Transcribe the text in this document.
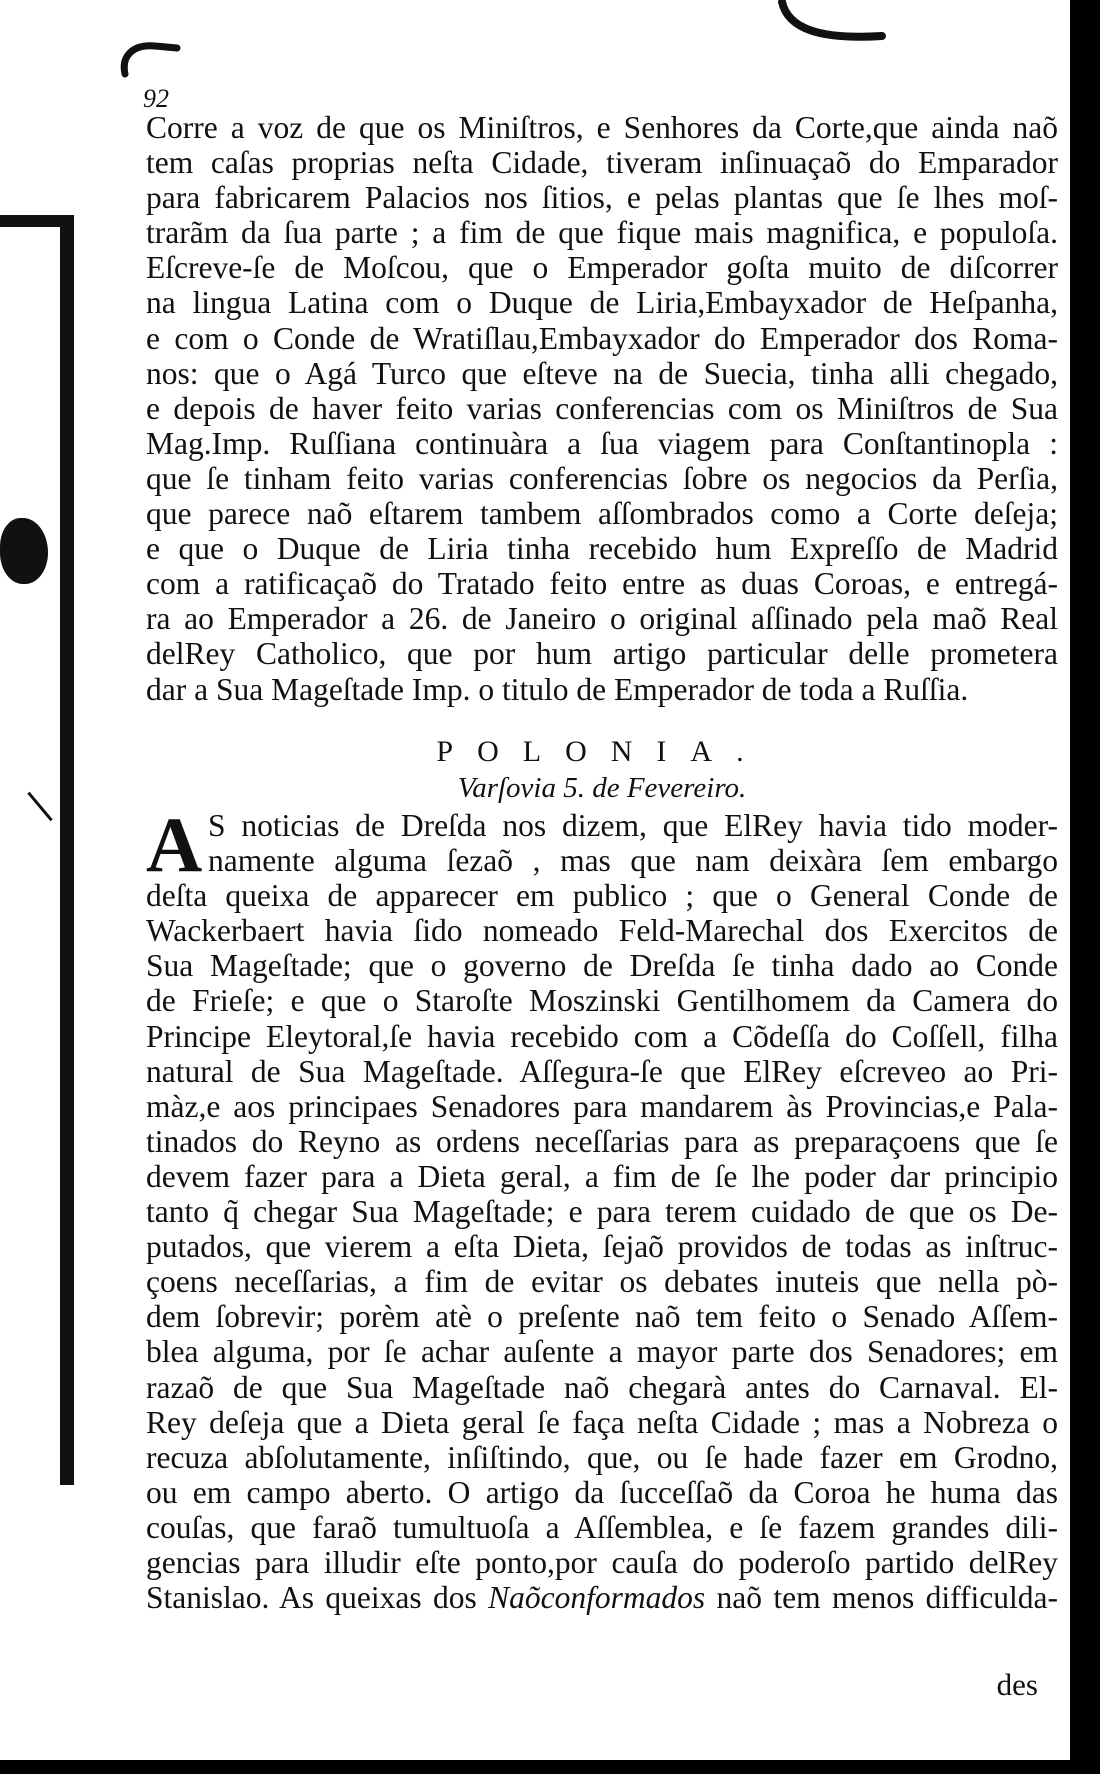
92
Corre a voz de que os Miniſtros, e Senhores da Corte,que ainda naõ
tem caſas proprias neſta Cidade, tiveram inſinuaçaõ do Emparador
para fabricarem Palacios nos ſitios, e pelas plantas que ſe lhes moſ-
trarãm da ſua parte ; a fim de que fique mais magnifica, e populoſa.
Eſcreve-ſe de Moſcou, que o Emperador goſta muito de diſcorrer
na lingua Latina com o Duque de Liria,Embayxador de Heſpanha,
e com o Conde de Wratiſlau,Embayxador do Emperador dos Roma-
nos: que o Agá Turco que eſteve na de Suecia, tinha alli chegado,
e depois de haver feito varias conferencias com os Miniſtros de Sua
Mag.Imp. Ruſſiana continuàra a ſua viagem para Conſtantinopla :
que ſe tinham feito varias conferencias ſobre os negocios da Perſia,
que parece naõ eſtarem tambem aſſombrados como a Corte deſeja;
e que o Duque de Liria tinha recebido hum Expreſſo de Madrid
com a ratificaçaõ do Tratado feito entre as duas Coroas, e entregá-
ra ao Emperador a 26. de Janeiro o original aſſinado pela maõ Real
delRey Catholico, que por hum artigo particular delle prometera
dar a Sua Mageſtade Imp. o titulo de Emperador de toda a Ruſſia.
POLONIA.
Varſovia 5. de Fevereiro.
A S noticias de Dreſda nos dizem, que ElRey havia tido moder-
namente alguma ſezaõ , mas que nam deixàra ſem embargo
deſta queixa de apparecer em publico ; que o General Conde de
Wackerbaert havia ſido nomeado Feld-Marechal dos Exercitos de
Sua Mageſtade; que o governo de Dreſda ſe tinha dado ao Conde
de Frieſe; e que o Staroſte Moszinski Gentilhomem da Camera do
Principe Eleytoral,ſe havia recebido com a Cõdeſſa do Coſſell, filha
natural de Sua Mageſtade. Aſſegura-ſe que ElRey eſcreveo ao Pri-
màz,e aos principaes Senadores para mandarem às Provincias,e Pala-
tinados do Reyno as ordens neceſſarias para as preparaçoens que ſe
devem fazer para a Dieta geral, a fim de ſe lhe poder dar principio
tanto q̃ chegar Sua Mageſtade; e para terem cuidado de que os De-
putados, que vierem a eſta Dieta, ſejaõ providos de todas as inſtruc-
çoens neceſſarias, a fim de evitar os debates inuteis que nella pò-
dem ſobrevir; porèm atè o preſente naõ tem feito o Senado Aſſem-
blea alguma, por ſe achar auſente a mayor parte dos Senadores; em
razaõ de que Sua Mageſtade naõ chegarà antes do Carnaval. El-
Rey deſeja que a Dieta geral ſe faça neſta Cidade ; mas a Nobreza o
recuza abſolutamente, inſiſtindo, que, ou ſe hade fazer em Grodno,
ou em campo aberto. O artigo da ſucceſſaõ da Coroa he huma das
couſas, que faraõ tumultuoſa a Aſſemblea, e ſe fazem grandes dili-
gencias para illudir eſte ponto,por cauſa do poderoſo partido delRey
Stanislao. As queixas dos Naõconformados naõ tem menos difficulda-
des
